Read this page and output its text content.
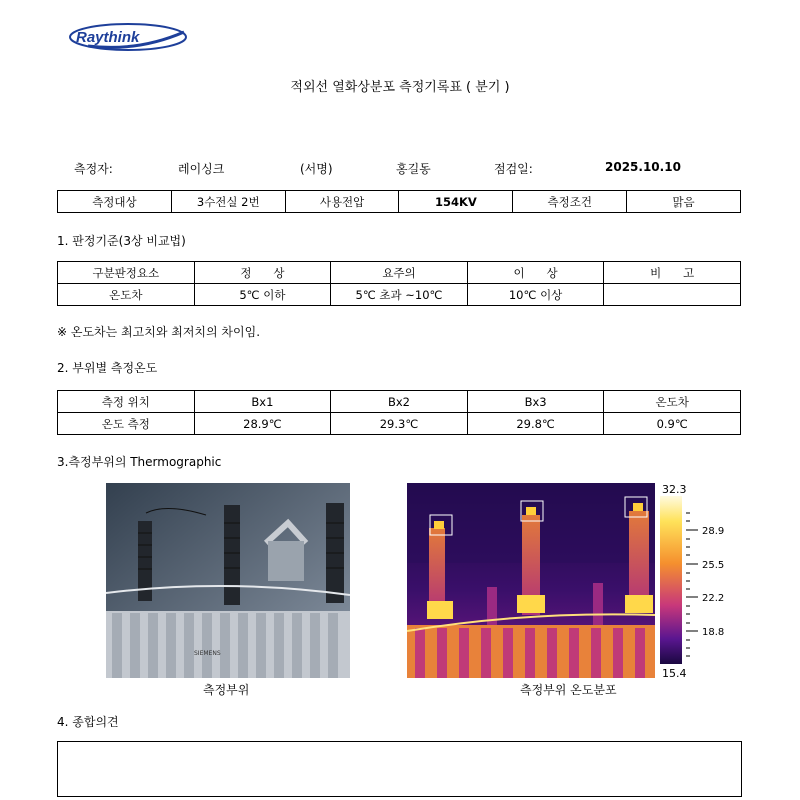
Raythink
적외선 열화상분포 측정기록표 ( 분기 )
측정자:	레이싱크	(서명)	홍길동	점검일:	2025.10.10
측정대상	3수전실 2번	사용전압	154KV	측정조건	맑음
1. 판정기준(3상 비교법)
구분판정요소	정      상	요주의	이      상	비      고
온도차	5℃ 이하	5℃ 초과 ~10℃	10℃ 이상	
※ 온도차는 최고치와 최저치의 차이임.
2. 부위별 측정온도
측정 위치	Bx1	Bx2	Bx3	온도차
온도 측정	28.9℃	29.3℃	29.8℃	0.9℃
3.측정부위의 Thermographic
SIEMENS
32.3
28.9
25.5
22.2
18.8
15.4
측정부위	측정부위 온도분포
4. 종합의견
